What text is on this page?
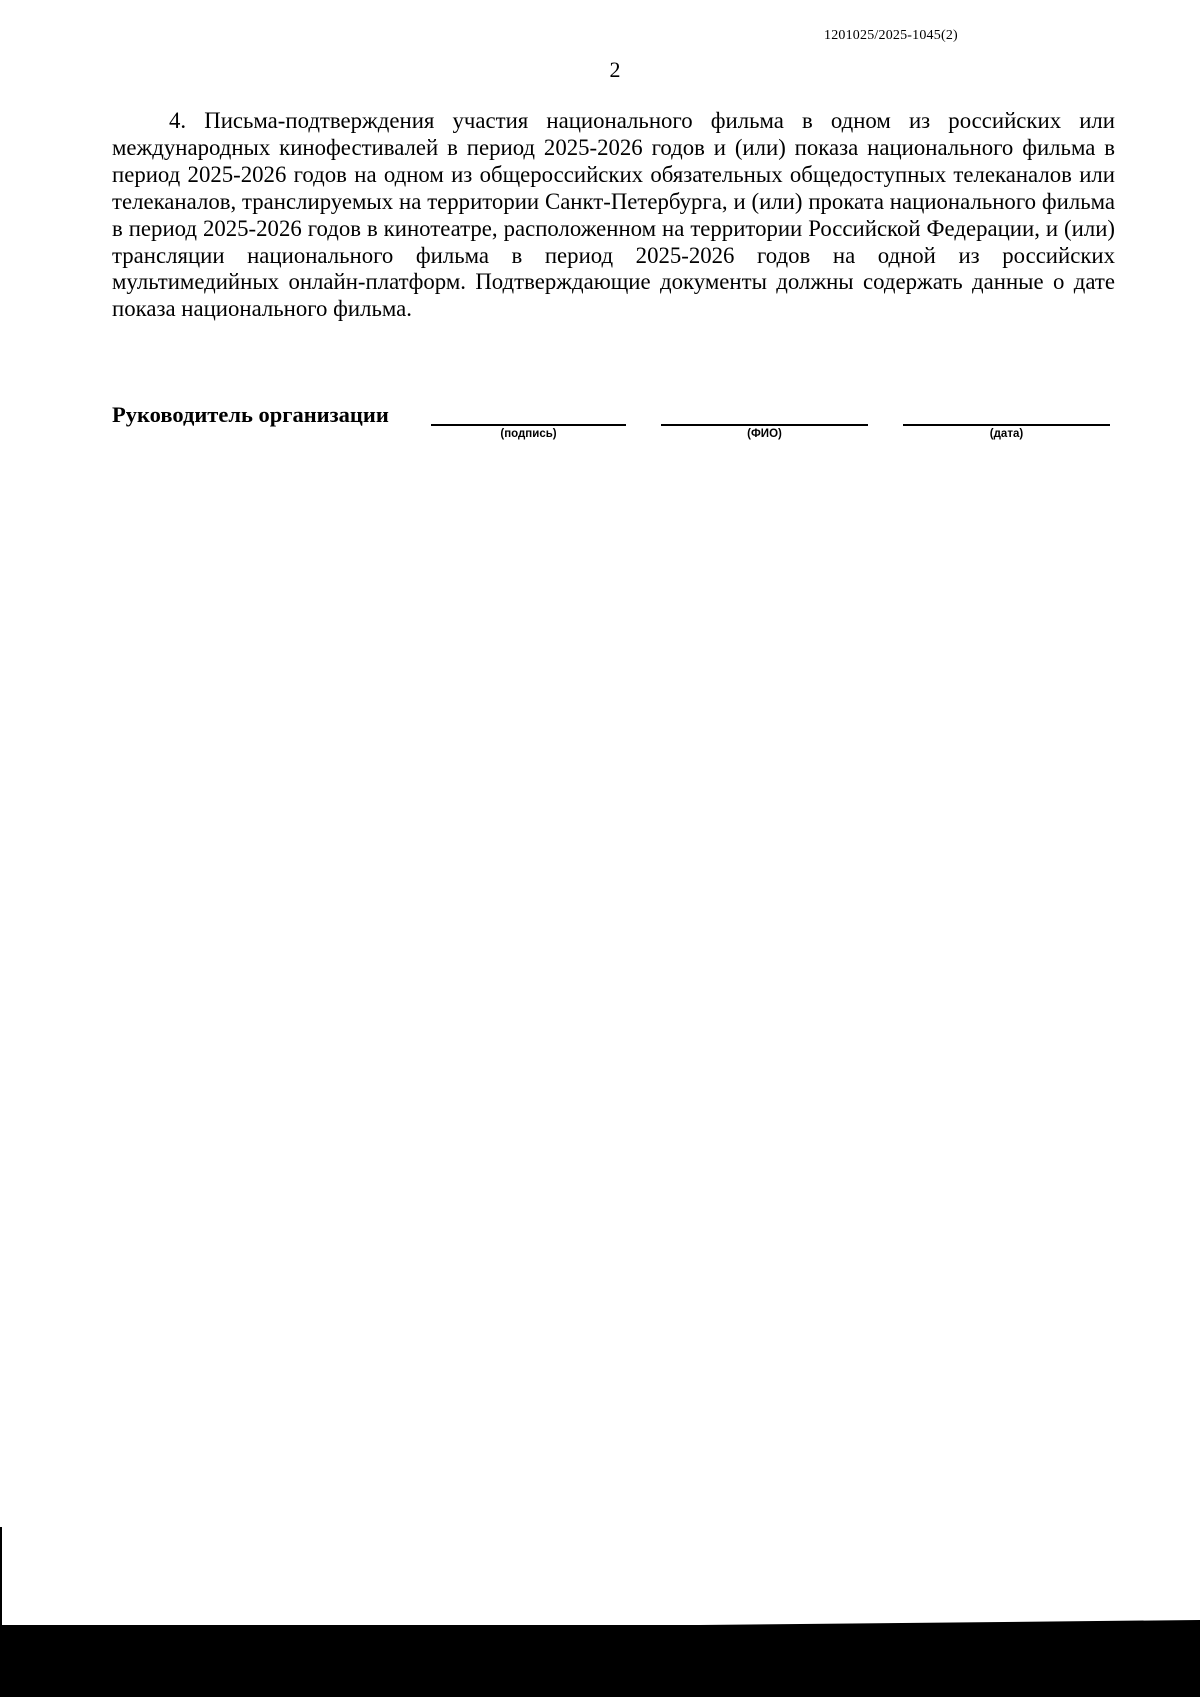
1201025/2025-1045(2)
2

4. Письма-подтверждения участия национального фильма в одном из российских или международных кинофестивалей в период 2025-2026 годов и (или) показа национального фильма в период 2025-2026 годов на одном из общероссийских обязательных общедоступных телеканалов или телеканалов, транслируемых на территории Санкт-Петербурга, и (или) проката национального фильма в период 2025-2026 годов в кинотеатре, расположенном на территории Российской Федерации, и (или) трансляции национального фильма в период 2025-2026 годов на одной из российских мультимедийных онлайн-платформ. Подтверждающие документы должны содержать данные о дате показа национального фильма.

Руководитель организации
(подпись)	(ФИО)	(дата)
